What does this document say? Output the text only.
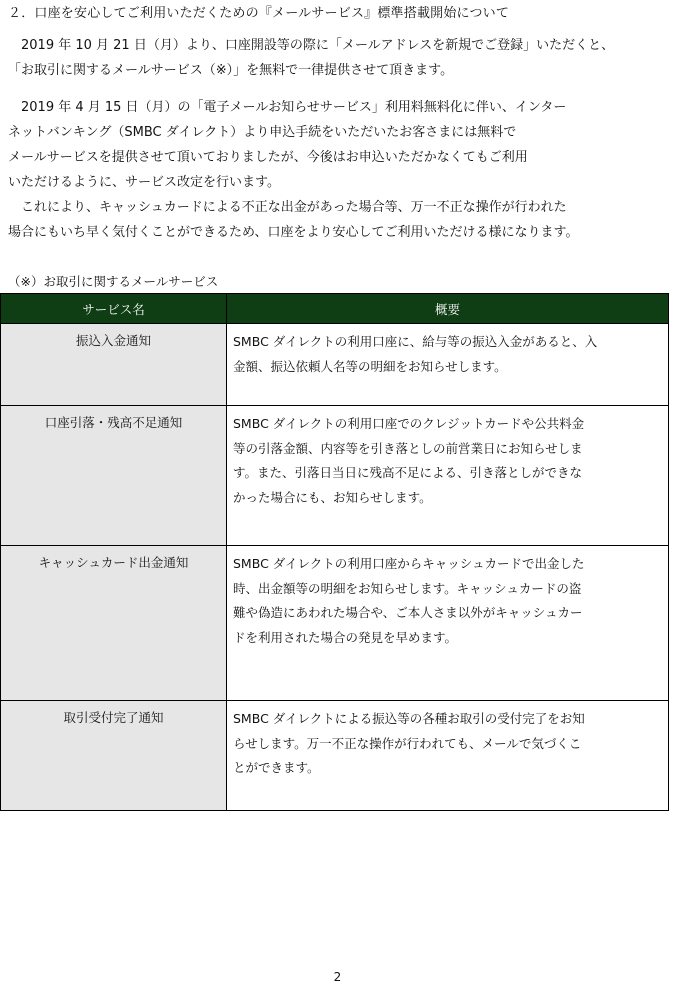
２．口座を安心してご利用いただくための『メールサービス』標準搭載開始について
　2019 年 10 月 21 日（月）より、口座開設等の際に「メールアドレスを新規でご登録」いただくと、
「お取引に関するメールサービス（※）」を無料で一律提供させて頂きます。
　2019 年 4 月 15 日（月）の「電子メールお知らせサービス」利用料無料化に伴い、インター
ネットバンキング（SMBC ダイレクト）より申込手続をいただいたお客さまには無料で
メールサービスを提供させて頂いておりましたが、今後はお申込いただかなくてもご利用
いただけるように、サービス改定を行います。
　これにより、キャッシュカードによる不正な出金があった場合等、万一不正な操作が行われた
場合にもいち早く気付くことができるため、口座をより安心してご利用いただける様になります。
（※）お取引に関するメールサービス
サービス名	概要
振込入金通知	SMBC ダイレクトの利用口座に、給与等の振込入金があると、入
金額、振込依頼人名等の明細をお知らせします。

口座引落・残高不足通知	SMBC ダイレクトの利用口座でのクレジットカードや公共料金
等の引落金額、内容等を引き落としの前営業日にお知らせしま
す。また、引落日当日に残高不足による、引き落としができな
かった場合にも、お知らせします。

キャッシュカード出金通知	SMBC ダイレクトの利用口座からキャッシュカードで出金した
時、出金額等の明細をお知らせします。キャッシュカードの盗
難や偽造にあわれた場合や、ご本人さま以外がキャッシュカー
ドを利用された場合の発見を早めます。

取引受付完了通知	SMBC ダイレクトによる振込等の各種お取引の受付完了をお知
らせします。万一不正な操作が行われても、メールで気づくこ
とができます。
2
